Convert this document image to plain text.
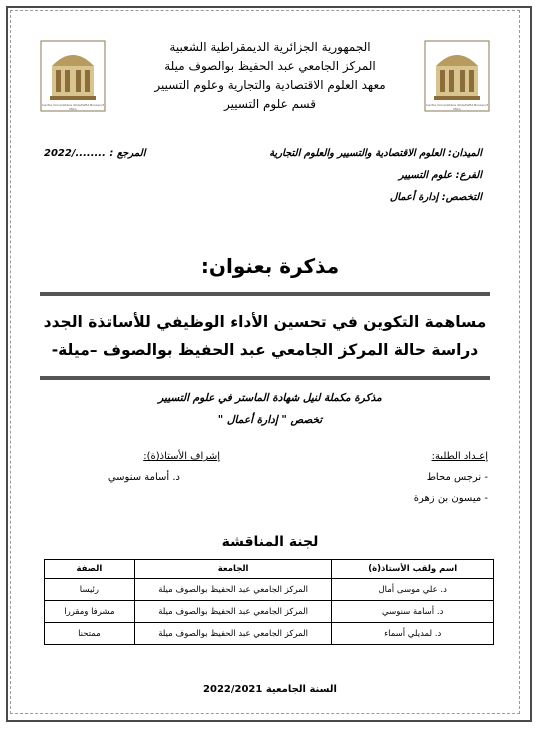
Centre Universitaire Abdelhafid Boussouf MILA
Centre Universitaire Abdelhafid Boussouf MILA
الجمهورية الجزائرية الديمقراطية الشعبية
المركز الجامعي عبد الحفيظ بوالصوف ميلة
معهد العلوم الاقتصادية والتجارية وعلوم التسيير
قسم علوم التسيير
الميدان: العلوم الاقتصادية والتسيير والعلوم التجارية
الفرع: علوم التسيير
التخصص: إدارة أعمال
المرجع : ......../2022
مذكرة بعنوان:
مساهمة التكوين في تحسين الأداء الوظيفي للأساتذة الجدد
دراسة حالة المركز الجامعي عبد الحفيظ بوالصوف –ميلة-
مذكرة مكملة لنيل شهادة الماستر في علوم التسيير
تخصص " إدارة أعمال "
إعـداد الطلبة:
- نرجس محاط
- ميسون بن زهرة
إشراف الأستاذ(ة):
د. أسامة سنوسي
لجنة المناقشة
اسم ولقب الأستاذ(ة)	الجامعة	الصفة
د. علي موسى أمال	المركز الجامعي عبد الحفيظ بوالصوف ميلة	رئيسا
د. أسامة سنوسي	المركز الجامعي عبد الحفيظ بوالصوف ميلة	مشرفا ومقررا
د. لمديلي أسماء	المركز الجامعي عبد الحفيظ بوالصوف ميلة	ممتحنا
السنة الجامعية 2022/2021
